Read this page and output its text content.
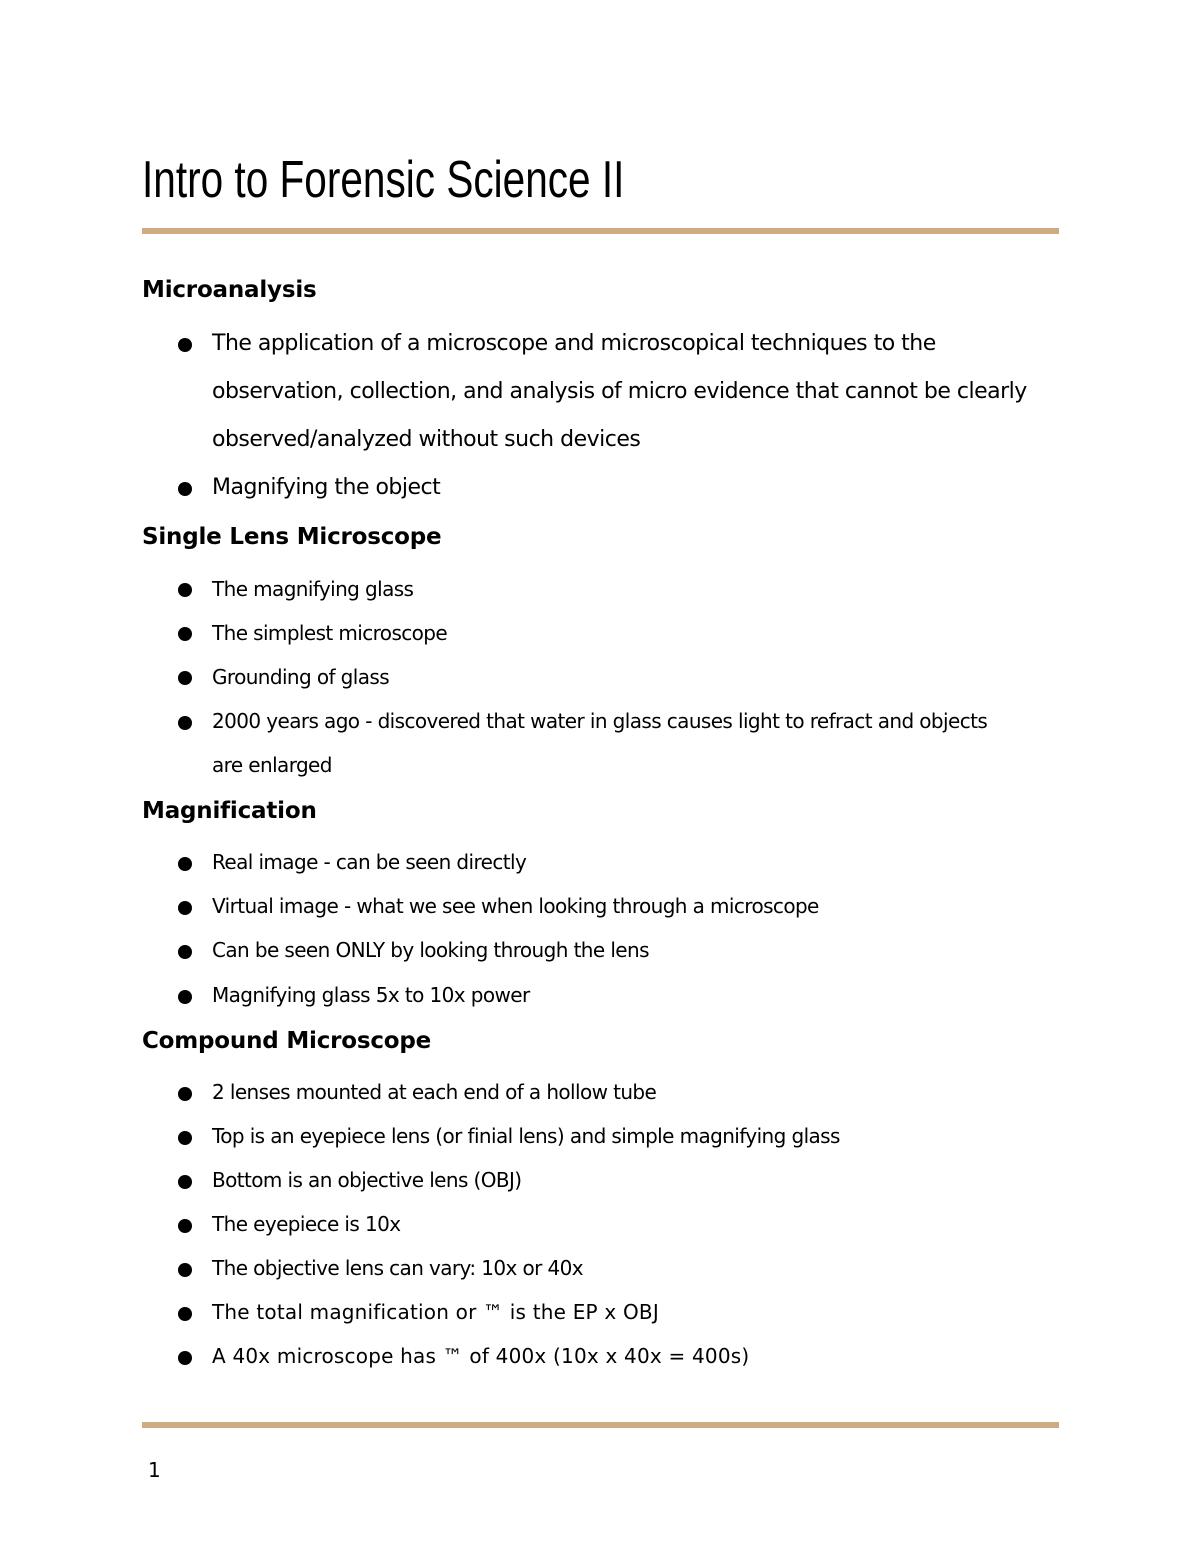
Intro to Forensic Science II
Microanalysis

The application of a microscope and microscopical techniques to the

observation, collection, and analysis of micro evidence that cannot be clearly

observed/analyzed without such devices

Magnifying the object

Single Lens Microscope

The magnifying glass

The simplest microscope

Grounding of glass

2000 years ago - discovered that water in glass causes light to refract and objects

are enlarged

Magnification

Real image - can be seen directly

Virtual image - what we see when looking through a microscope

Can be seen ONLY by looking through the lens

Magnifying glass 5x to 10x power

Compound Microscope

2 lenses mounted at each end of a hollow tube

Top is an eyepiece lens (or finial lens) and simple magnifying glass

Bottom is an objective lens (OBJ)

The eyepiece is 10x

The objective lens can vary: 10x or 40x

The total magnification or ™ is the EP x OBJ

A 40x microscope has ™ of 400x (10x x 40x = 400s)

1
